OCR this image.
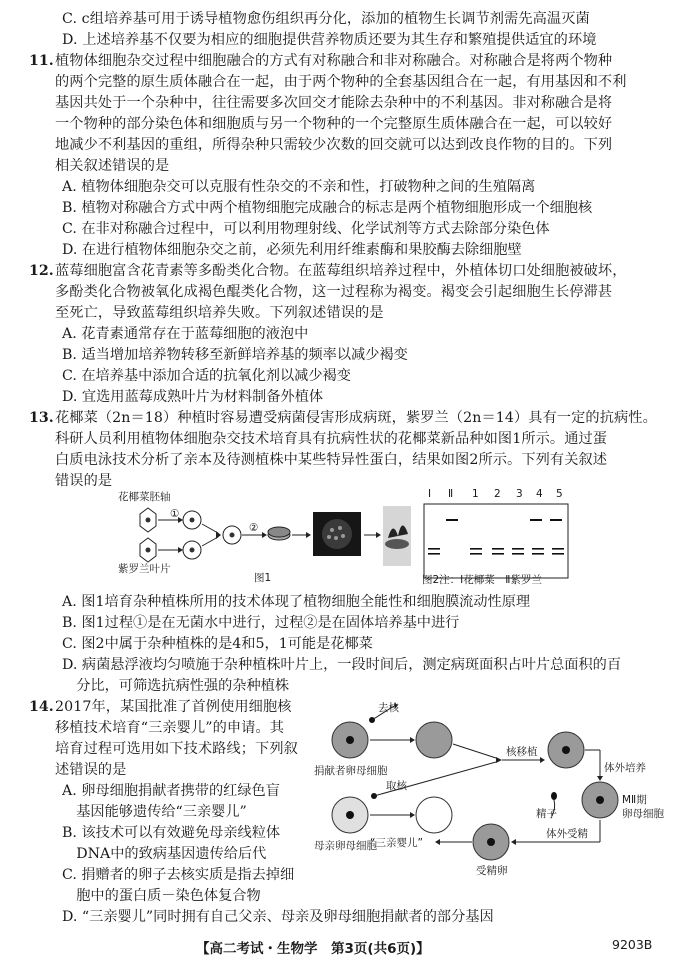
C. c组培养基可用于诱导植物愈伤组织再分化，添加的植物生长调节剂需先高温灭菌
D. 上述培养基不仅要为相应的细胞提供营养物质还要为其生存和繁殖提供适宜的环境
11. 植物体细胞杂交过程中细胞融合的方式有对称融合和非对称融合。对称融合是将两个物种
的两个完整的原生质体融合在一起，由于两个物种的全套基因组合在一起，有用基因和不利
基因共处于一个杂种中，往往需要多次回交才能除去杂种中的不利基因。非对称融合是将
一个物种的部分染色体和细胞质与另一个物种的一个完整原生质体融合在一起，可以较好
地减少不利基因的重组，所得杂种只需较少次数的回交就可以达到改良作物的目的。下列
相关叙述错误的是
A. 植物体细胞杂交可以克服有性杂交的不亲和性，打破物种之间的生殖隔离
B. 植物对称融合方式中两个植物细胞完成融合的标志是两个植物细胞形成一个细胞核
C. 在非对称融合过程中，可以利用物理射线、化学试剂等方式去除部分染色体
D. 在进行植物体细胞杂交之前，必须先利用纤维素酶和果胶酶去除细胞壁
12. 蓝莓细胞富含花青素等多酚类化合物。在蓝莓组织培养过程中，外植体切口处细胞被破坏，
多酚类化合物被氧化成褐色醌类化合物，这一过程称为褐变。褐变会引起细胞生长停滞甚
至死亡，导致蓝莓组织培养失败。下列叙述错误的是
A. 花青素通常存在于蓝莓细胞的液泡中
B. 适当增加培养物转移至新鲜培养基的频率以减少褐变
C. 在培养基中添加合适的抗氧化剂以减少褐变
D. 宜选用蓝莓成熟叶片为材料制备外植体
13. 花椰菜（2n＝18）种植时容易遭受病菌侵害形成病斑，紫罗兰（2n＝14）具有一定的抗病性。
科研人员利用植物体细胞杂交技术培育具有抗病性状的花椰菜新品种如图1所示。通过蛋
白质电泳技术分析了亲本及待测植株中某些特异性蛋白，结果如图2所示。下列有关叙述
错误的是
花椰菜胚轴
紫罗兰叶片
①
②
图1
Ⅰ Ⅱ 1 2 3 4 5
图2注：Ⅰ花椰菜　Ⅱ紫罗兰
A. 图1培育杂种植株所用的技术体现了植物细胞全能性和细胞膜流动性原理
B. 图1过程①是在无菌水中进行，过程②是在固体培养基中进行
C. 图2中属于杂种植株的是4和5，1可能是花椰菜
D. 病菌悬浮液均匀喷施于杂种植株叶片上，一段时间后，测定病斑面积占叶片总面积的百
　分比，可筛选抗病性强的杂种植株
14. 2017年，某国批准了首例使用细胞核
移植技术培育“三亲婴儿”的申请。其
培育过程可选用如下技术路线；下列叙
述错误的是
A. 卵母细胞捐献者携带的红绿色盲
　基因能够遗传给“三亲婴儿”
B. 该技术可以有效避免母亲线粒体
　DNA中的致病基因遗传给后代
C. 捐赠者的卵子去核实质是指去掉细
　胞中的蛋白质－染色体复合物
D. “三亲婴儿”同时拥有自己父亲、母亲及卵母细胞捐献者的部分基因
去核
捐献者卵母细胞
取核
母亲卵母细胞
核移植
体外培养
MⅡ期
卵母细胞
精子
体外受精
“三亲婴儿”
受精卵
【高二考试・生物学　第3页(共6页)】	9203B
